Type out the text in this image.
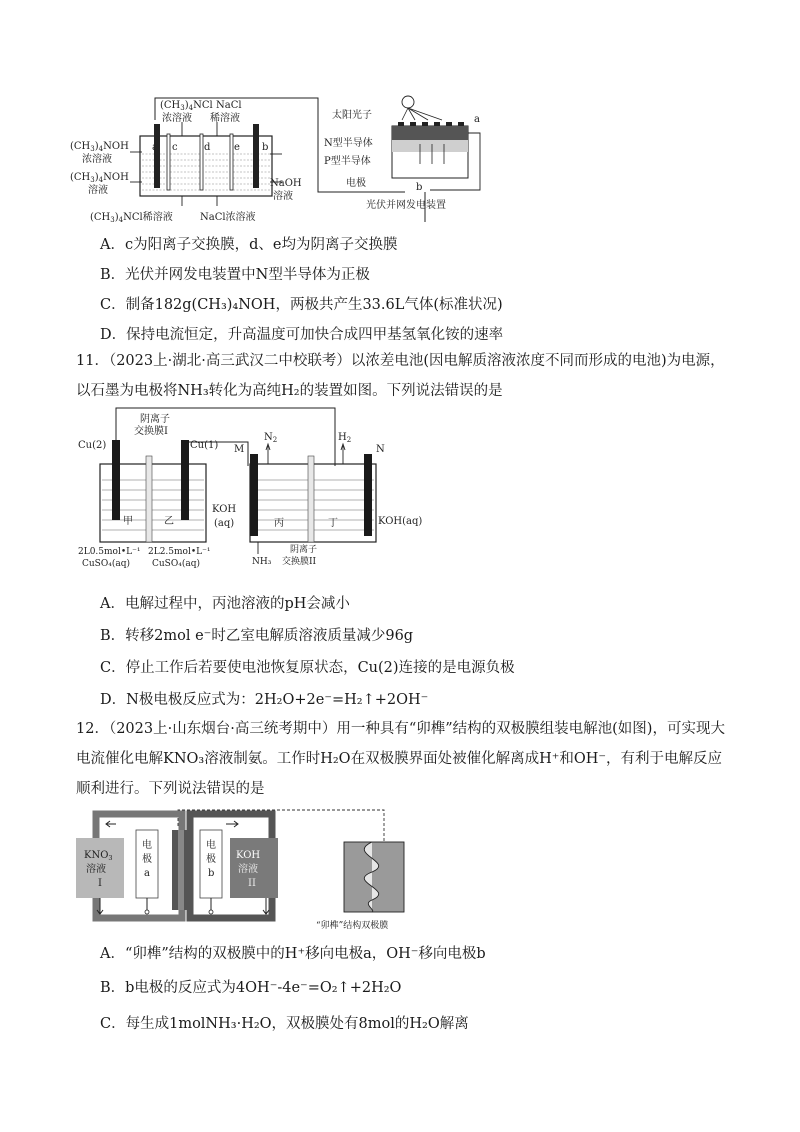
a c	d e b
$(CH_3)_4NCl$
浓溶液
NaCl
稀溶液
$(CH_3)_4NOH$
浓溶液
$(CH_3)_4NOH$
溶液
NaOH
溶液
$(CH_3)_4NCl$稀溶液	NaCl浓溶液
太阳光子	a
N型半导体
P型半导体
电极	b
光伏并网发电装置
A．c为阳离子交换膜，d、e均为阴离子交换膜
B．光伏并网发电装置中N型半导体为正极
C．制备182g(CH₃)₄NOH，两极共产生33.6L气体(标准状况)
D．保持电流恒定，升高温度可加快合成四甲基氢氧化铵的速率
11．（2023上·湖北·高三武汉二中校联考）以浓差电池(因电解质溶液浓度不同而形成的电池)为电源，以石墨为电极将NH₃转化为高纯H₂的装置如图。下列说法错误的是
Cu(2)	Cu(1) M	N
$N_2$	$H_2$
阴离子
交换膜I
甲	乙	丙	丁
KOH
(aq)	KOH(aq)
2L0.5mol•L⁻¹
CuSO₄(aq)
2L2.5mol•L⁻¹
CuSO₄(aq)	NH₃
阴离子
交换膜II
A．电解过程中，丙池溶液的pH会减小
B．转移2mol e⁻时乙室电解质溶液质量减少96g
C．停止工作后若要使电池恢复原状态，Cu(2)连接的是电源负极
D．N极电极反应式为：2H₂O+2e⁻=H₂↑+2OH⁻
12．（2023上·山东烟台·高三统考期中）用一种具有“卯榫”结构的双极膜组装电解池(如图)，可实现大电流催化电解KNO₃溶液制氨。工作时H₂O在双极膜界面处被催化解离成H⁺和OH⁻，有利于电解反应顺利进行。下列说法错误的是
$KNO_3$
溶液
I
电
极
a
电
极
b
KOH
溶液
II
“卯榫”结构双极膜
A．“卯榫”结构的双极膜中的H⁺移向电极a，OH⁻移向电极b
B．b电极的反应式为4OH⁻-4e⁻=O₂↑+2H₂O
C．每生成1molNH₃·H₂O，双极膜处有8mol的H₂O解离
